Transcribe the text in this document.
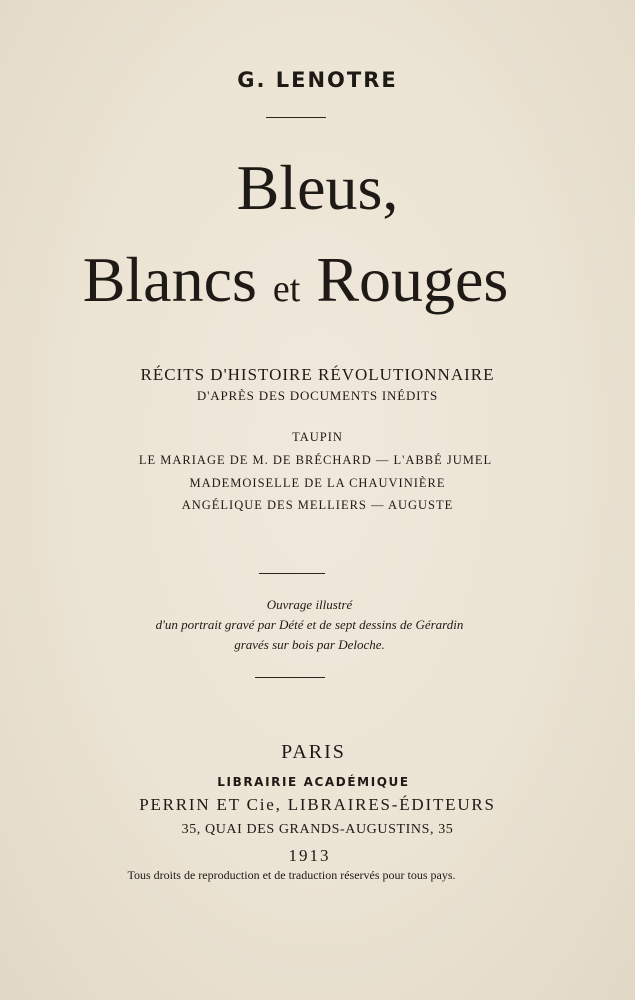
G. LENOTRE
Bleus,
Blancs et Rouges
RÉCITS D'HISTOIRE RÉVOLUTIONNAIRE
D'APRÈS DES DOCUMENTS INÉDITS
TAUPIN
LE MARIAGE DE M. DE BRÉCHARD — L'ABBÉ JUMEL
MADEMOISELLE DE LA CHAUVINIÈRE
ANGÉLIQUE DES MELLIERS — AUGUSTE
Ouvrage illustré
d'un portrait gravé par Dété et de sept dessins de Gérardin
gravés sur bois par Deloche.
PARIS
LIBRAIRIE ACADÉMIQUE
PERRIN ET Cie, LIBRAIRES-ÉDITEURS
35, QUAI DES GRANDS-AUGUSTINS, 35
1913
Tous droits de reproduction et de traduction réservés pour tous pays.
